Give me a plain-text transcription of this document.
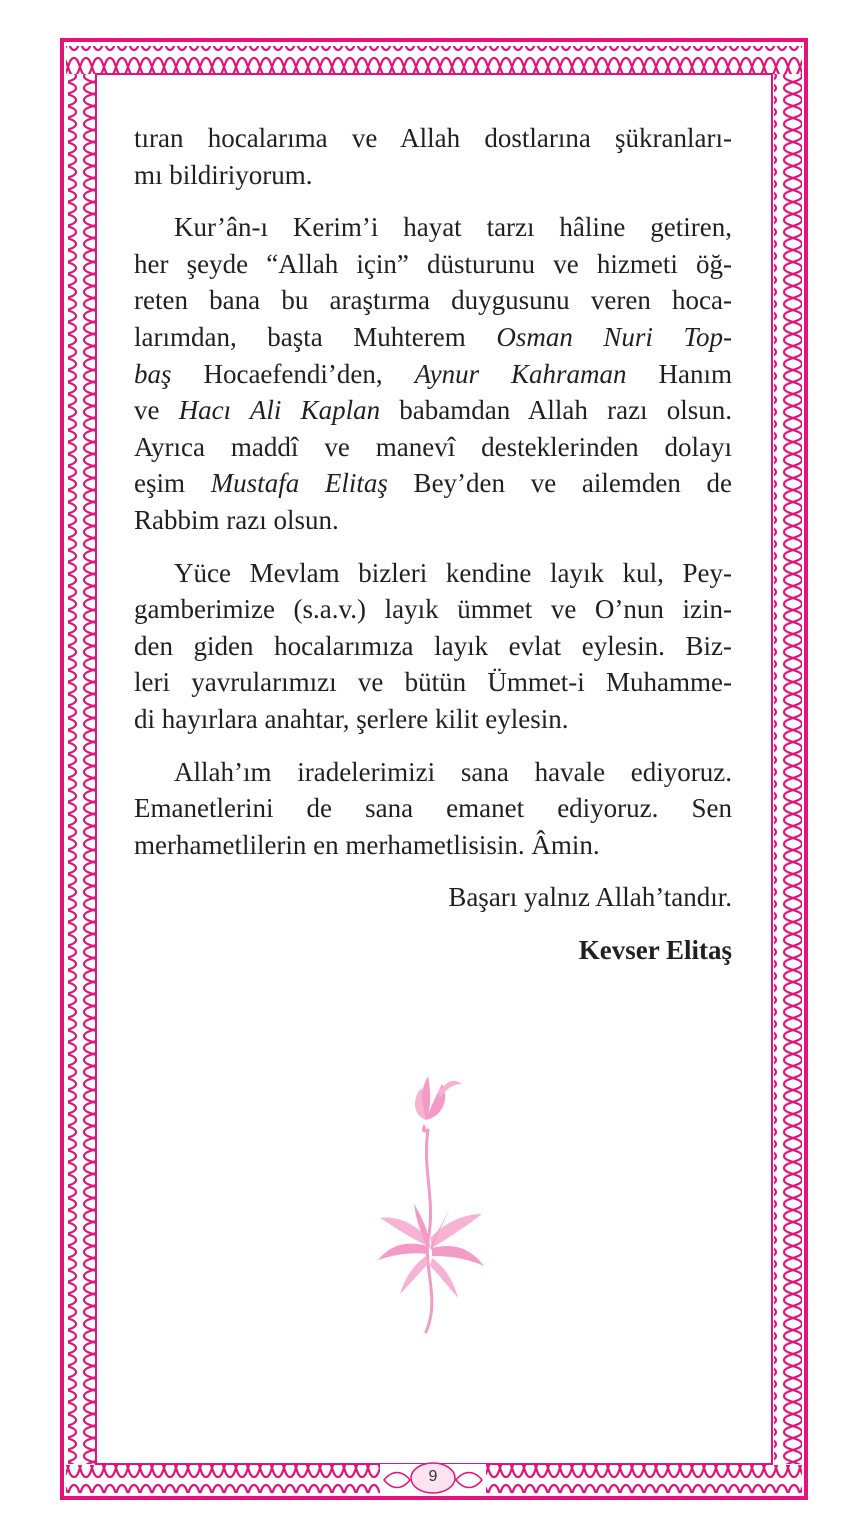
tıran hocalarıma ve Allah dostlarına şükranları-
mı bildiriyorum.
Kur’ân-ı Kerim’i hayat tarzı hâline getiren,
her şeyde “Allah için” düsturunu ve hizmeti öğ-
reten bana bu araştırma duygusunu veren hoca-
larımdan, başta Muhterem Osman Nuri Top-
baş Hocaefendi’den, Aynur Kahraman Hanım
ve Hacı Ali Kaplan babamdan Allah razı olsun.
Ayrıca maddî ve manevî desteklerinden dolayı
eşim Mustafa Elitaş Bey’den ve ailemden de
Rabbim razı olsun.
Yüce Mevlam bizleri kendine layık kul, Pey-
gamberimize (s.a.v.) layık ümmet ve O’nun izin-
den giden hocalarımıza layık evlat eylesin. Biz-
leri yavrularımızı ve bütün Ümmet-i Muhamme-
di hayırlara anahtar, şerlere kilit eylesin.
Allah’ım iradelerimizi sana havale ediyoruz.
Emanetlerini de sana emanet ediyoruz. Sen
merhametlilerin en merhametlisisin. Âmin.
Başarı yalnız Allah’tandır.
Kevser Elitaş
9
